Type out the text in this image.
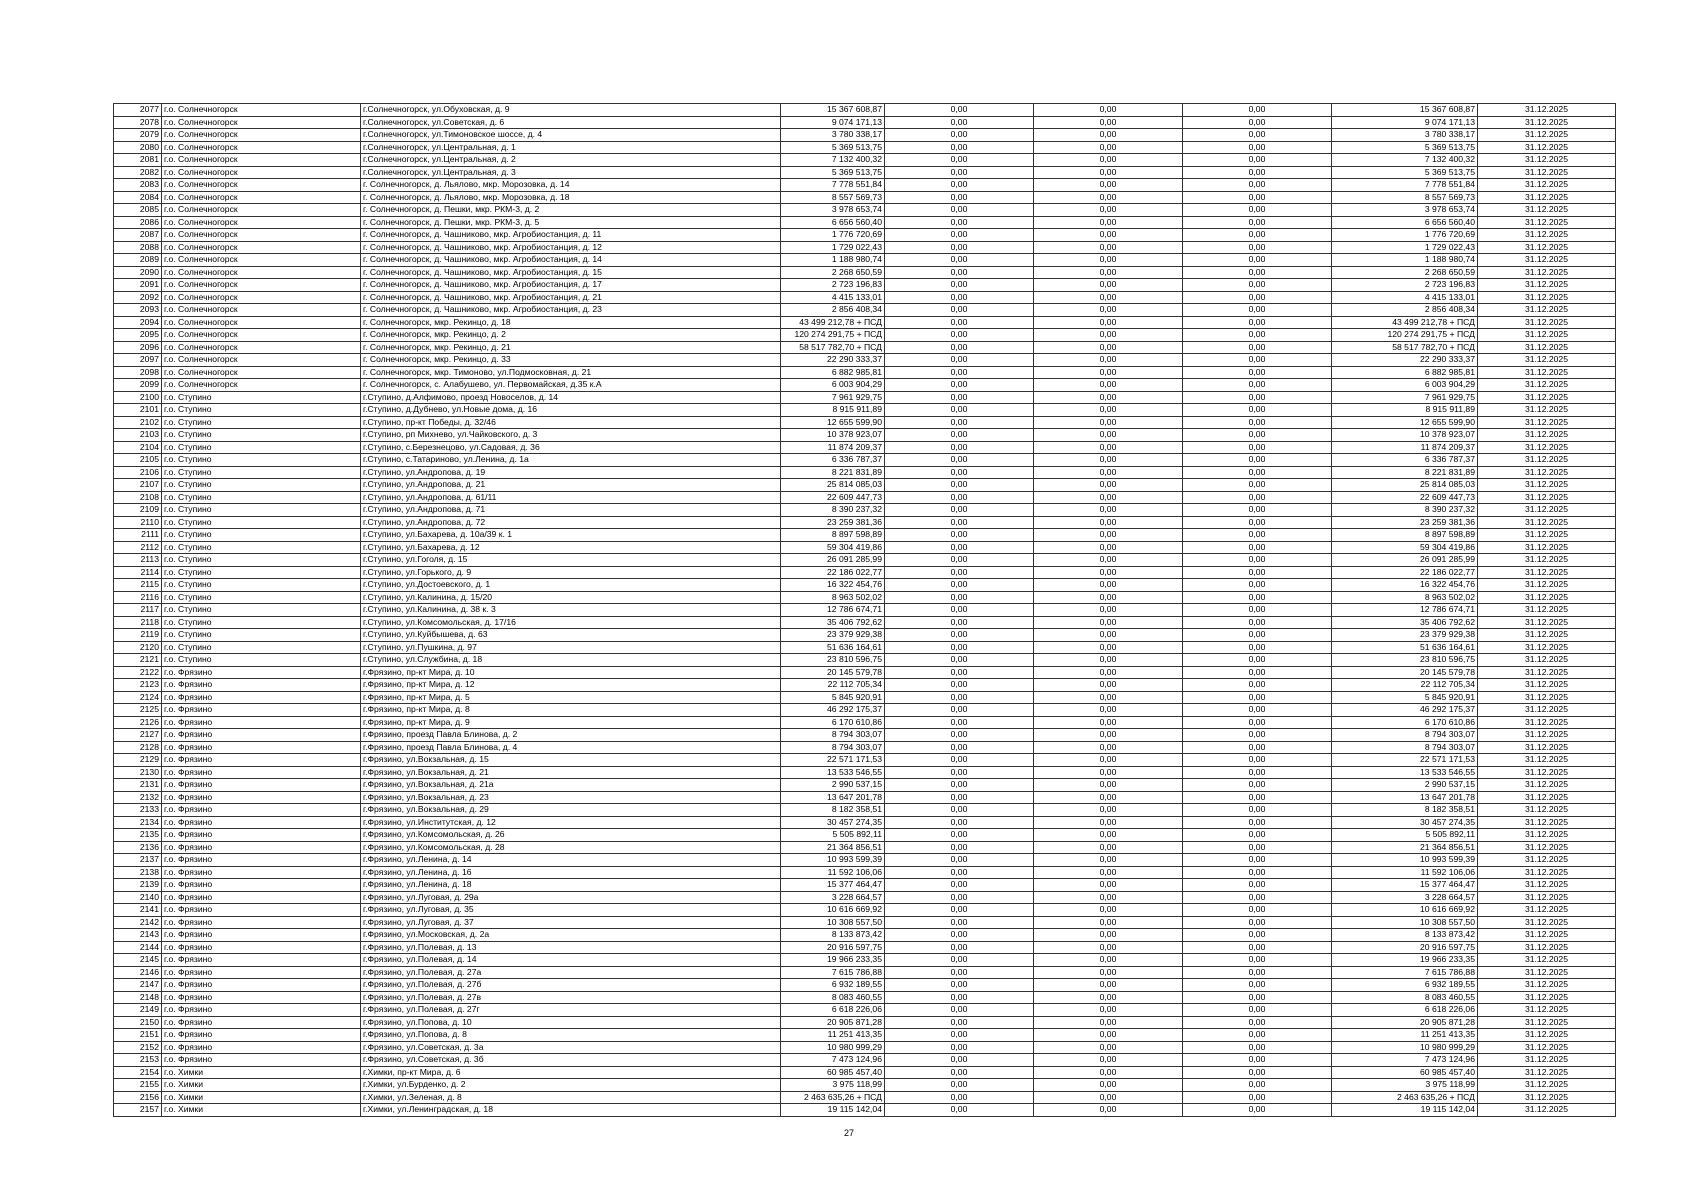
2077	г.о. Солнечногорск	г.Солнечногорск, ул.Обуховская, д. 9	15 367 608,87	0,00	0,00	0,00	15 367 608,87	31.12.2025
2078	г.о. Солнечногорск	г.Солнечногорск, ул.Советская, д. 6	9 074 171,13	0,00	0,00	0,00	9 074 171,13	31.12.2025
2079	г.о. Солнечногорск	г.Солнечногорск, ул.Тимоновское шоссе, д. 4	3 780 338,17	0,00	0,00	0,00	3 780 338,17	31.12.2025
2080	г.о. Солнечногорск	г.Солнечногорск, ул.Центральная, д. 1	5 369 513,75	0,00	0,00	0,00	5 369 513,75	31.12.2025
2081	г.о. Солнечногорск	г.Солнечногорск, ул.Центральная, д. 2	7 132 400,32	0,00	0,00	0,00	7 132 400,32	31.12.2025
2082	г.о. Солнечногорск	г.Солнечногорск, ул.Центральная, д. 3	5 369 513,75	0,00	0,00	0,00	5 369 513,75	31.12.2025
2083	г.о. Солнечногорск	г. Солнечногорск, д. Льялово, мкр. Морозовка, д. 14	7 778 551,84	0,00	0,00	0,00	7 778 551,84	31.12.2025
2084	г.о. Солнечногорск	г. Солнечногорск, д. Льялово, мкр. Морозовка, д. 18	8 557 569,73	0,00	0,00	0,00	8 557 569,73	31.12.2025
2085	г.о. Солнечногорск	г. Солнечногорск, д. Пешки, мкр. РКМ-3, д. 2	3 978 653,74	0,00	0,00	0,00	3 978 653,74	31.12.2025
2086	г.о. Солнечногорск	г. Солнечногорск, д. Пешки, мкр. РКМ-3, д. 5	6 656 560,40	0,00	0,00	0,00	6 656 560,40	31.12.2025
2087	г.о. Солнечногорск	г. Солнечногорск, д. Чашниково, мкр. Агробиостанция, д. 11	1 776 720,69	0,00	0,00	0,00	1 776 720,69	31.12.2025
2088	г.о. Солнечногорск	г. Солнечногорск, д. Чашниково, мкр. Агробиостанция, д. 12	1 729 022,43	0,00	0,00	0,00	1 729 022,43	31.12.2025
2089	г.о. Солнечногорск	г. Солнечногорск, д. Чашниково, мкр. Агробиостанция, д. 14	1 188 980,74	0,00	0,00	0,00	1 188 980,74	31.12.2025
2090	г.о. Солнечногорск	г. Солнечногорск, д. Чашниково, мкр. Агробиостанция, д. 15	2 268 650,59	0,00	0,00	0,00	2 268 650,59	31.12.2025
2091	г.о. Солнечногорск	г. Солнечногорск, д. Чашниково, мкр. Агробиостанция, д. 17	2 723 196,83	0,00	0,00	0,00	2 723 196,83	31.12.2025
2092	г.о. Солнечногорск	г. Солнечногорск, д. Чашниково, мкр. Агробиостанция, д. 21	4 415 133,01	0,00	0,00	0,00	4 415 133,01	31.12.2025
2093	г.о. Солнечногорск	г. Солнечногорск, д. Чашниково, мкр. Агробиостанция, д. 23	2 856 408,34	0,00	0,00	0,00	2 856 408,34	31.12.2025
2094	г.о. Солнечногорск	г. Солнечногорск, мкр. Рекинцо, д. 18	43 499 212,78 + ПСД	0,00	0,00	0,00	43 499 212,78 + ПСД	31.12.2025
2095	г.о. Солнечногорск	г. Солнечногорск, мкр. Рекинцо, д. 2	120 274 291,75 + ПСД	0,00	0,00	0,00	120 274 291,75 + ПСД	31.12.2025
2096	г.о. Солнечногорск	г. Солнечногорск, мкр. Рекинцо, д. 21	58 517 782,70 + ПСД	0,00	0,00	0,00	58 517 782,70 + ПСД	31.12.2025
2097	г.о. Солнечногорск	г. Солнечногорск, мкр. Рекинцо, д. 33	22 290 333,37	0,00	0,00	0,00	22 290 333,37	31.12.2025
2098	г.о. Солнечногорск	г. Солнечногорск, мкр. Тимоново, ул.Подмосковная, д. 21	6 882 985,81	0,00	0,00	0,00	6 882 985,81	31.12.2025
2099	г.о. Солнечногорск	г. Солнечногорск, с. Алабушево, ул. Первомайская, д.35 к.А	6 003 904,29	0,00	0,00	0,00	6 003 904,29	31.12.2025
2100	г.о. Ступино	г.Ступино, д.Алфимово, проезд Новоселов, д. 14	7 961 929,75	0,00	0,00	0,00	7 961 929,75	31.12.2025
2101	г.о. Ступино	г.Ступино, д.Дубнево, ул.Новые дома, д. 16	8 915 911,89	0,00	0,00	0,00	8 915 911,89	31.12.2025
2102	г.о. Ступино	г.Ступино, пр-кт Победы, д. 32/46	12 655 599,90	0,00	0,00	0,00	12 655 599,90	31.12.2025
2103	г.о. Ступино	г.Ступино, рп Михнево, ул.Чайковского, д. 3	10 378 923,07	0,00	0,00	0,00	10 378 923,07	31.12.2025
2104	г.о. Ступино	г.Ступино, с.Березнецово, ул.Садовая, д. 36	11 874 209,37	0,00	0,00	0,00	11 874 209,37	31.12.2025
2105	г.о. Ступино	г.Ступино, с.Татариново, ул.Ленина, д. 1а	6 336 787,37	0,00	0,00	0,00	6 336 787,37	31.12.2025
2106	г.о. Ступино	г.Ступино, ул.Андропова, д. 19	8 221 831,89	0,00	0,00	0,00	8 221 831,89	31.12.2025
2107	г.о. Ступино	г.Ступино, ул.Андропова, д. 21	25 814 085,03	0,00	0,00	0,00	25 814 085,03	31.12.2025
2108	г.о. Ступино	г.Ступино, ул.Андропова, д. 61/11	22 609 447,73	0,00	0,00	0,00	22 609 447,73	31.12.2025
2109	г.о. Ступино	г.Ступино, ул.Андропова, д. 71	8 390 237,32	0,00	0,00	0,00	8 390 237,32	31.12.2025
2110	г.о. Ступино	г.Ступино, ул.Андропова, д. 72	23 259 381,36	0,00	0,00	0,00	23 259 381,36	31.12.2025
2111	г.о. Ступино	г.Ступино, ул.Бахарева, д. 10а/39 к. 1	8 897 598,89	0,00	0,00	0,00	8 897 598,89	31.12.2025
2112	г.о. Ступино	г.Ступино, ул.Бахарева, д. 12	59 304 419,86	0,00	0,00	0,00	59 304 419,86	31.12.2025
2113	г.о. Ступино	г.Ступино, ул.Гоголя, д. 15	26 091 285,99	0,00	0,00	0,00	26 091 285,99	31.12.2025
2114	г.о. Ступино	г.Ступино, ул.Горького, д. 9	22 186 022,77	0,00	0,00	0,00	22 186 022,77	31.12.2025
2115	г.о. Ступино	г.Ступино, ул.Достоевского, д. 1	16 322 454,76	0,00	0,00	0,00	16 322 454,76	31.12.2025
2116	г.о. Ступино	г.Ступино, ул.Калинина, д. 15/20	8 963 502,02	0,00	0,00	0,00	8 963 502,02	31.12.2025
2117	г.о. Ступино	г.Ступино, ул.Калинина, д. 38 к. 3	12 786 674,71	0,00	0,00	0,00	12 786 674,71	31.12.2025
2118	г.о. Ступино	г.Ступино, ул.Комсомольская, д. 17/16	35 406 792,62	0,00	0,00	0,00	35 406 792,62	31.12.2025
2119	г.о. Ступино	г.Ступино, ул.Куйбышева, д. 63	23 379 929,38	0,00	0,00	0,00	23 379 929,38	31.12.2025
2120	г.о. Ступино	г.Ступино, ул.Пушкина, д. 97	51 636 164,61	0,00	0,00	0,00	51 636 164,61	31.12.2025
2121	г.о. Ступино	г.Ступино, ул.Службина, д. 18	23 810 596,75	0,00	0,00	0,00	23 810 596,75	31.12.2025
2122	г.о. Фрязино	г.Фрязино, пр-кт Мира, д. 10	20 145 579,78	0,00	0,00	0,00	20 145 579,78	31.12.2025
2123	г.о. Фрязино	г.Фрязино, пр-кт Мира, д. 12	22 112 705,34	0,00	0,00	0,00	22 112 705,34	31.12.2025
2124	г.о. Фрязино	г.Фрязино, пр-кт Мира, д. 5	5 845 920,91	0,00	0,00	0,00	5 845 920,91	31.12.2025
2125	г.о. Фрязино	г.Фрязино, пр-кт Мира, д. 8	46 292 175,37	0,00	0,00	0,00	46 292 175,37	31.12.2025
2126	г.о. Фрязино	г.Фрязино, пр-кт Мира, д. 9	6 170 610,86	0,00	0,00	0,00	6 170 610,86	31.12.2025
2127	г.о. Фрязино	г.Фрязино, проезд Павла Блинова, д. 2	8 794 303,07	0,00	0,00	0,00	8 794 303,07	31.12.2025
2128	г.о. Фрязино	г.Фрязино, проезд Павла Блинова, д. 4	8 794 303,07	0,00	0,00	0,00	8 794 303,07	31.12.2025
2129	г.о. Фрязино	г.Фрязино, ул.Вокзальная, д. 15	22 571 171,53	0,00	0,00	0,00	22 571 171,53	31.12.2025
2130	г.о. Фрязино	г.Фрязино, ул.Вокзальная, д. 21	13 533 546,55	0,00	0,00	0,00	13 533 546,55	31.12.2025
2131	г.о. Фрязино	г.Фрязино, ул.Вокзальная, д. 21а	2 990 537,15	0,00	0,00	0,00	2 990 537,15	31.12.2025
2132	г.о. Фрязино	г.Фрязино, ул.Вокзальная, д. 23	13 647 201,78	0,00	0,00	0,00	13 647 201,78	31.12.2025
2133	г.о. Фрязино	г.Фрязино, ул.Вокзальная, д. 29	8 182 358,51	0,00	0,00	0,00	8 182 358,51	31.12.2025
2134	г.о. Фрязино	г.Фрязино, ул.Институтская, д. 12	30 457 274,35	0,00	0,00	0,00	30 457 274,35	31.12.2025
2135	г.о. Фрязино	г.Фрязино, ул.Комсомольская, д. 26	5 505 892,11	0,00	0,00	0,00	5 505 892,11	31.12.2025
2136	г.о. Фрязино	г.Фрязино, ул.Комсомольская, д. 28	21 364 856,51	0,00	0,00	0,00	21 364 856,51	31.12.2025
2137	г.о. Фрязино	г.Фрязино, ул.Ленина, д. 14	10 993 599,39	0,00	0,00	0,00	10 993 599,39	31.12.2025
2138	г.о. Фрязино	г.Фрязино, ул.Ленина, д. 16	11 592 106,06	0,00	0,00	0,00	11 592 106,06	31.12.2025
2139	г.о. Фрязино	г.Фрязино, ул.Ленина, д. 18	15 377 464,47	0,00	0,00	0,00	15 377 464,47	31.12.2025
2140	г.о. Фрязино	г.Фрязино, ул.Луговая, д. 29а	3 228 664,57	0,00	0,00	0,00	3 228 664,57	31.12.2025
2141	г.о. Фрязино	г.Фрязино, ул.Луговая, д. 35	10 616 669,92	0,00	0,00	0,00	10 616 669,92	31.12.2025
2142	г.о. Фрязино	г.Фрязино, ул.Луговая, д. 37	10 308 557,50	0,00	0,00	0,00	10 308 557,50	31.12.2025
2143	г.о. Фрязино	г.Фрязино, ул.Московская, д. 2а	8 133 873,42	0,00	0,00	0,00	8 133 873,42	31.12.2025
2144	г.о. Фрязино	г.Фрязино, ул.Полевая, д. 13	20 916 597,75	0,00	0,00	0,00	20 916 597,75	31.12.2025
2145	г.о. Фрязино	г.Фрязино, ул.Полевая, д. 14	19 966 233,35	0,00	0,00	0,00	19 966 233,35	31.12.2025
2146	г.о. Фрязино	г.Фрязино, ул.Полевая, д. 27а	7 615 786,88	0,00	0,00	0,00	7 615 786,88	31.12.2025
2147	г.о. Фрязино	г.Фрязино, ул.Полевая, д. 27б	6 932 189,55	0,00	0,00	0,00	6 932 189,55	31.12.2025
2148	г.о. Фрязино	г.Фрязино, ул.Полевая, д. 27в	8 083 460,55	0,00	0,00	0,00	8 083 460,55	31.12.2025
2149	г.о. Фрязино	г.Фрязино, ул.Полевая, д. 27г	6 618 226,06	0,00	0,00	0,00	6 618 226,06	31.12.2025
2150	г.о. Фрязино	г.Фрязино, ул.Попова, д. 10	20 905 871,28	0,00	0,00	0,00	20 905 871,28	31.12.2025
2151	г.о. Фрязино	г.Фрязино, ул.Попова, д. 8	11 251 413,35	0,00	0,00	0,00	11 251 413,35	31.12.2025
2152	г.о. Фрязино	г.Фрязино, ул.Советская, д. 3а	10 980 999,29	0,00	0,00	0,00	10 980 999,29	31.12.2025
2153	г.о. Фрязино	г.Фрязино, ул.Советская, д. 3б	7 473 124,96	0,00	0,00	0,00	7 473 124,96	31.12.2025
2154	г.о. Химки	г.Химки, пр-кт Мира, д. 6	60 985 457,40	0,00	0,00	0,00	60 985 457,40	31.12.2025
2155	г.о. Химки	г.Химки, ул.Бурденко, д. 2	3 975 118,99	0,00	0,00	0,00	3 975 118,99	31.12.2025
2156	г.о. Химки	г.Химки, ул.Зеленая, д. 8	2 463 635,26 + ПСД	0,00	0,00	0,00	2 463 635,26 + ПСД	31.12.2025
2157	г.о. Химки	г.Химки, ул.Ленинградская, д. 18	19 115 142,04	0,00	0,00	0,00	19 115 142,04	31.12.2025
27
